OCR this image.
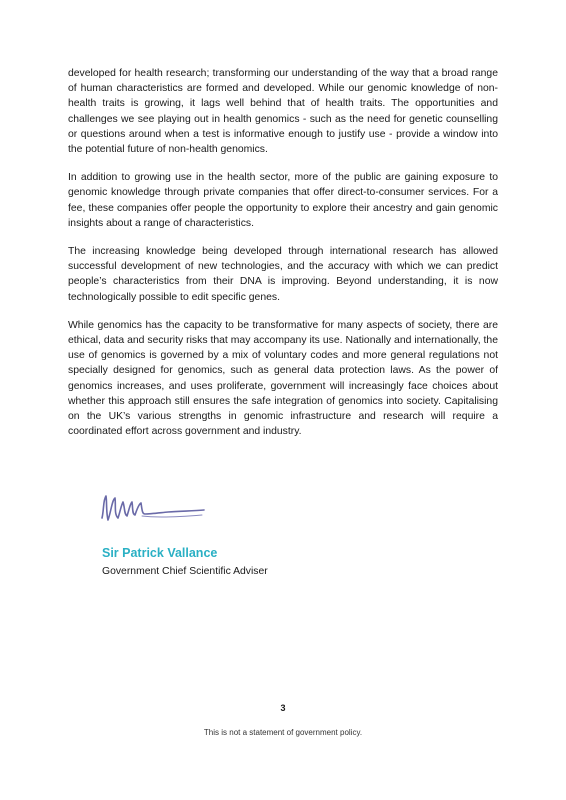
developed for health research; transforming our understanding of the way that a broad range of human characteristics are formed and developed. While our genomic knowledge of non-health traits is growing, it lags well behind that of health traits. The opportunities and challenges we see playing out in health genomics - such as the need for genetic counselling or questions around when a test is informative enough to justify use - provide a window into the potential future of non-health genomics.

In addition to growing use in the health sector, more of the public are gaining exposure to genomic knowledge through private companies that offer direct-to-consumer services. For a fee, these companies offer people the opportunity to explore their ancestry and gain genomic insights about a range of characteristics.

The increasing knowledge being developed through international research has allowed successful development of new technologies, and the accuracy with which we can predict people’s characteristics from their DNA is improving. Beyond understanding, it is now technologically possible to edit specific genes.

While genomics has the capacity to be transformative for many aspects of society, there are ethical, data and security risks that may accompany its use. Nationally and internationally, the use of genomics is governed by a mix of voluntary codes and more general regulations not specially designed for genomics, such as general data protection laws. As the power of genomics increases, and uses proliferate, government will increasingly face choices about whether this approach still ensures the safe integration of genomics into society. Capitalising on the UK’s various strengths in genomic infrastructure and research will require a coordinated effort across government and industry.

Sir Patrick Vallance

Government Chief Scientific Adviser

3

This is not a statement of government policy.
